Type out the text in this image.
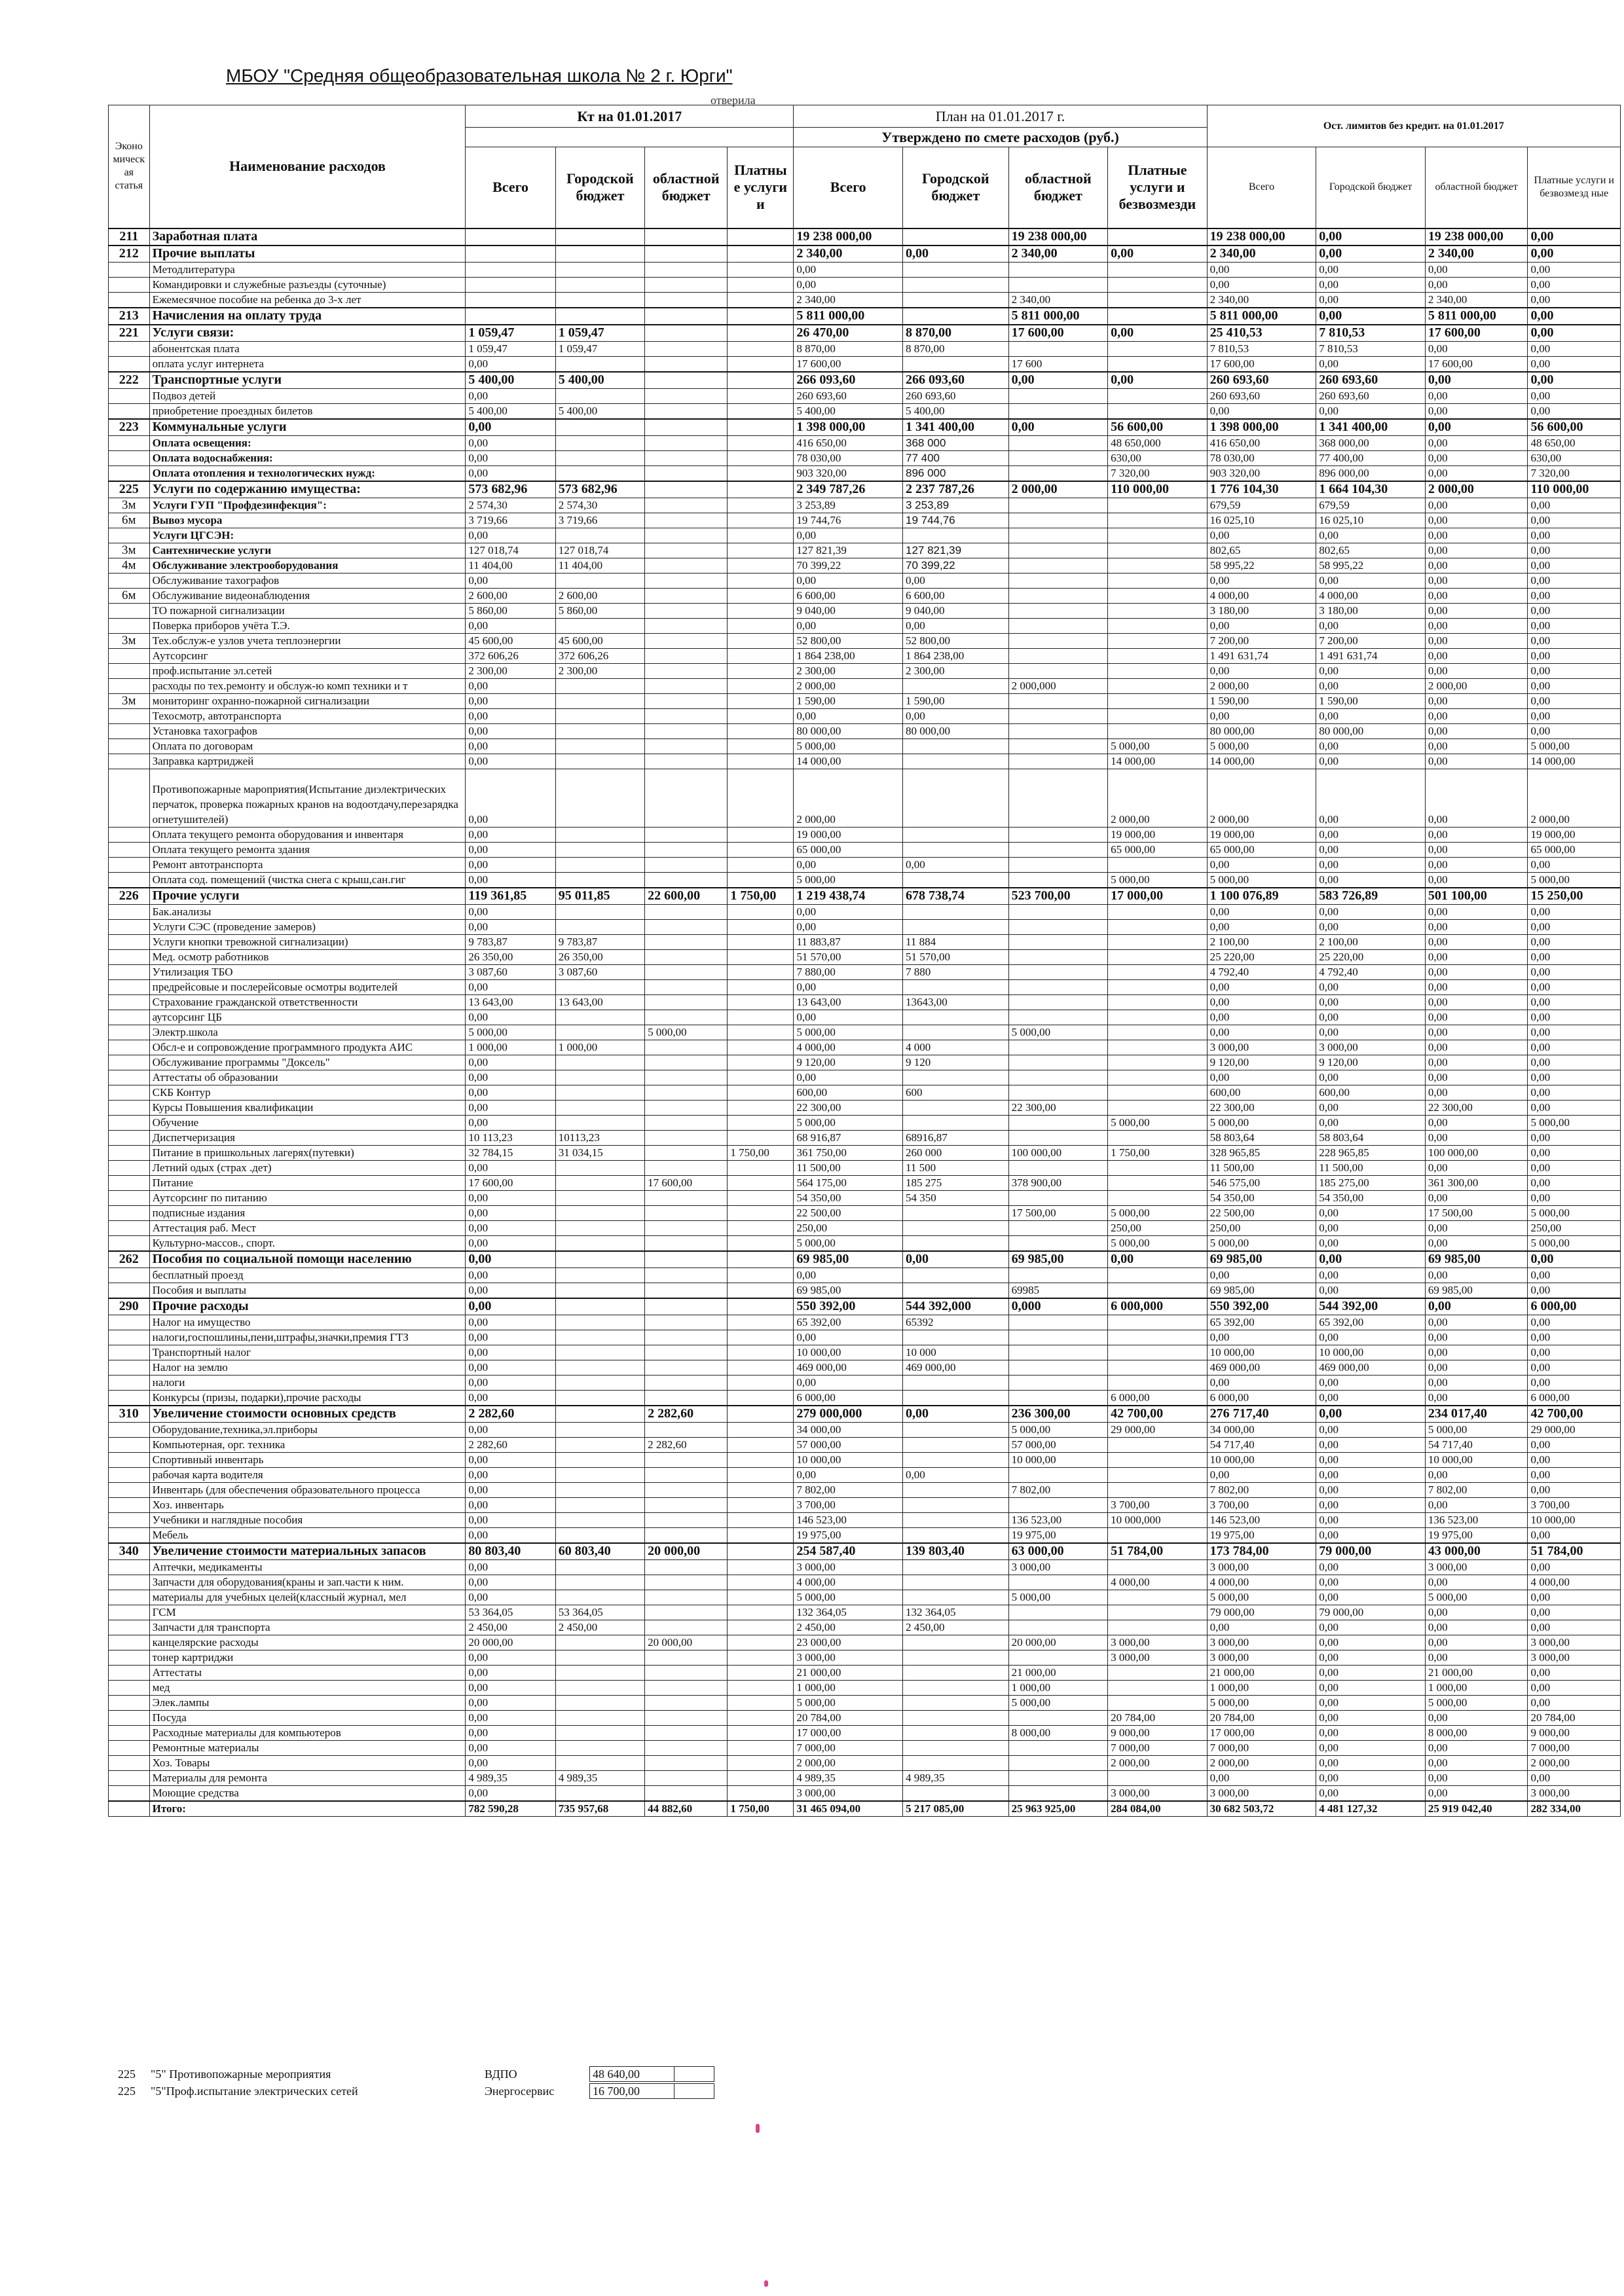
МБОУ "Средняя общеобразовательная школа № 2 г. Юрги"
отверила
Эконо мичеcк ая статья	Наименование расходов	Кт на 01.01.2017				План на 01.01.2017 г.				Ост. лимитов без кредит. на 01.01.2017			
						Утверждено по смете расходов (руб.)							
		Всего	Городской бюджет	областной бюджет	Платны е услуги и	Всего	Городской бюджет	областной бюджет	Платные услуги и безвозмезди	Всего	Городской бюджет	областной бюджет	Платные услуги и безвозмезд ные
211	Заработная плата					19 238 000,00		19 238 000,00		19 238 000,00	0,00	19 238 000,00	0,00
212	Прочие выплаты					2 340,00	0,00	2 340,00	0,00	2 340,00	0,00	2 340,00	0,00
	Методлитература					0,00				0,00	0,00	0,00	0,00
	Командировки и служебные разъезды (суточные)					0,00				0,00	0,00	0,00	0,00
	Ежемесячное пособие на ребенка до 3-х лет					2 340,00		2 340,00		2 340,00	0,00	2 340,00	0,00
213	Начисления на оплату труда					5 811 000,00		5 811 000,00		5 811 000,00	0,00	5 811 000,00	0,00
221	Услуги связи:	1 059,47	1 059,47			26 470,00	8 870,00	17 600,00	0,00	25 410,53	7 810,53	17 600,00	0,00
	абонентская плата	1 059,47	1 059,47			8 870,00	8 870,00			7 810,53	7 810,53	0,00	0,00
	оплата услуг интернета	0,00				17 600,00		17 600		17 600,00	0,00	17 600,00	0,00
222	Транспортные услуги	5 400,00	5 400,00			266 093,60	266 093,60	0,00	0,00	260 693,60	260 693,60	0,00	0,00
	Подвоз детей	0,00				260 693,60	260 693,60			260 693,60	260 693,60	0,00	0,00
	приобретение проездных билетов	5 400,00	5 400,00			5 400,00	5 400,00			0,00	0,00	0,00	0,00
223	Коммунальные услуги	0,00				1 398 000,00	1 341 400,00	0,00	56 600,00	1 398 000,00	1 341 400,00	0,00	56 600,00
	Оплата освещения:	0,00				416 650,00	368 000		48 650,000	416 650,00	368 000,00	0,00	48 650,00
	Оплата водоснабжения:	0,00				78 030,00	77 400		630,00	78 030,00	77 400,00	0,00	630,00
	Оплата отопления и технологических нужд:	0,00				903 320,00	896 000		7 320,00	903 320,00	896 000,00	0,00	7 320,00
225	Услуги по содержанию имущества:	573 682,96	573 682,96			2 349 787,26	2 237 787,26	2 000,00	110 000,00	1 776 104,30	1 664 104,30	2 000,00	110 000,00
3м	Услуги ГУП "Профдезинфекция":	2 574,30	2 574,30			3 253,89	3 253,89			679,59	679,59	0,00	0,00
6м	Вывоз мусора	3 719,66	3 719,66			19 744,76	19 744,76			16 025,10	16 025,10	0,00	0,00
	Услуги ЦГСЭН:	0,00				0,00				0,00	0,00	0,00	0,00
3м	Сантехнические услуги	127 018,74	127 018,74			127 821,39	127 821,39			802,65	802,65	0,00	0,00
4м	Обслуживание электрооборудования	11 404,00	11 404,00			70 399,22	70 399,22			58 995,22	58 995,22	0,00	0,00
	Обслуживание тахографов	0,00				0,00	0,00			0,00	0,00	0,00	0,00
6м	Обслуживание видеонаблюдения	2 600,00	2 600,00			6 600,00	6 600,00			4 000,00	4 000,00	0,00	0,00
	ТО пожарной сигнализации	5 860,00	5 860,00			9 040,00	9 040,00			3 180,00	3 180,00	0,00	0,00
	Поверка приборов учёта Т.Э.	0,00				0,00	0,00			0,00	0,00	0,00	0,00
3м	Тех.обслуж-е узлов учета теплоэнергии	45 600,00	45 600,00			52 800,00	52 800,00			7 200,00	7 200,00	0,00	0,00
	Аутсорсинг	372 606,26	372 606,26			1 864 238,00	1 864 238,00			1 491 631,74	1 491 631,74	0,00	0,00
	проф.испытание эл.сетей	2 300,00	2 300,00			2 300,00	2 300,00			0,00	0,00	0,00	0,00
	расходы по тех.ремонту и обслуж-ю комп техники и т	0,00				2 000,00		2 000,000		2 000,00	0,00	2 000,00	0,00
3м	мониторинг охранно-пожарной сигнализации	0,00				1 590,00	1 590,00			1 590,00	1 590,00	0,00	0,00
	Техосмотр, автотранспорта	0,00				0,00	0,00			0,00	0,00	0,00	0,00
	Установка тахографов	0,00				80 000,00	80 000,00			80 000,00	80 000,00	0,00	0,00
	Оплата по договорам	0,00				5 000,00			5 000,00	5 000,00	0,00	0,00	5 000,00
	Заправка картриджей	0,00				14 000,00			14 000,00	14 000,00	0,00	0,00	14 000,00
	Противопожарные мароприятия(Испытание диэлектрических перчаток, проверка пожарных кранов на водоотдачу,перезарядка огнетушителей)	0,00				2 000,00			2 000,00	2 000,00	0,00	0,00	2 000,00
	Оплата текущего ремонта оборудования и инвентаря	0,00				19 000,00			19 000,00	19 000,00	0,00	0,00	19 000,00
	Оплата текущего ремонта здания	0,00				65 000,00			65 000,00	65 000,00	0,00	0,00	65 000,00
	Ремонт автотранспорта	0,00				0,00	0,00			0,00	0,00	0,00	0,00
	Оплата сод. помещений (чистка снега с крыш,сан.гиг	0,00				5 000,00			5 000,00	5 000,00	0,00	0,00	5 000,00
226	Прочие услуги	119 361,85	95 011,85	22 600,00	1 750,00	1 219 438,74	678 738,74	523 700,00	17 000,00	1 100 076,89	583 726,89	501 100,00	15 250,00
	Бак.анализы	0,00				0,00				0,00	0,00	0,00	0,00
	Услуги СЭС (проведение замеров)	0,00				0,00				0,00	0,00	0,00	0,00
	Услуги кнопки тревожной сигнализации)	9 783,87	9 783,87			11 883,87	11 884			2 100,00	2 100,00	0,00	0,00
	Мед. осмотр работников	26 350,00	26 350,00			51 570,00	51 570,00			25 220,00	25 220,00	0,00	0,00
	Утилизация ТБО	3 087,60	3 087,60			7 880,00	7 880			4 792,40	4 792,40	0,00	0,00
	предрейсовые и послерейсовые осмотры водителей	0,00				0,00				0,00	0,00	0,00	0,00
	Страхование гражданской ответственности	13 643,00	13 643,00			13 643,00	13643,00			0,00	0,00	0,00	0,00
	аутсорсинг ЦБ	0,00				0,00				0,00	0,00	0,00	0,00
	Электр.школа	5 000,00		5 000,00		5 000,00		5 000,00		0,00	0,00	0,00	0,00
	Обсл-е и сопровождение программного продукта АИС	1 000,00	1 000,00			4 000,00	4 000			3 000,00	3 000,00	0,00	0,00
	Обслуживание программы "Доксель"	0,00				9 120,00	9 120			9 120,00	9 120,00	0,00	0,00
	Аттестаты об образовании	0,00				0,00				0,00	0,00	0,00	0,00
	СКБ Контур	0,00				600,00	600			600,00	600,00	0,00	0,00
	Курсы Повышения квалификации	0,00				22 300,00		22 300,00		22 300,00	0,00	22 300,00	0,00
	Обучение	0,00				5 000,00			5 000,00	5 000,00	0,00	0,00	5 000,00
	Диспетчеризация	10 113,23	10113,23			68 916,87	68916,87			58 803,64	58 803,64	0,00	0,00
	Питание в пришкольных лагерях(путевки)	32 784,15	31 034,15		1 750,00	361 750,00	260 000	100 000,00	1 750,00	328 965,85	228 965,85	100 000,00	0,00
	Летний одых (страх .дет)	0,00				11 500,00	11 500			11 500,00	11 500,00	0,00	0,00
	Питание	17 600,00		17 600,00		564 175,00	185 275	378 900,00		546 575,00	185 275,00	361 300,00	0,00
	Аутсорсинг по питанию	0,00				54 350,00	54 350			54 350,00	54 350,00	0,00	0,00
	подписные издания	0,00				22 500,00		17 500,00	5 000,00	22 500,00	0,00	17 500,00	5 000,00
	Аттестация раб. Мест	0,00				250,00			250,00	250,00	0,00	0,00	250,00
	Культурно-массов., спорт.	0,00				5 000,00			5 000,00	5 000,00	0,00	0,00	5 000,00
262	Пособия по социальной помощи населению	0,00				69 985,00	0,00	69 985,00	0,00	69 985,00	0,00	69 985,00	0,00
	бесплатный проезд	0,00				0,00				0,00	0,00	0,00	0,00
	Пособия и выплаты	0,00				69 985,00		69985		69 985,00	0,00	69 985,00	0,00
290	Прочие расходы	0,00				550 392,00	544 392,000	0,000	6 000,000	550 392,00	544 392,00	0,00	6 000,00
	Налог на имущество	0,00				65 392,00	65392			65 392,00	65 392,00	0,00	0,00
	налоги,госпошлины,пени,штрафы,значки,премия ГТЗ	0,00				0,00				0,00	0,00	0,00	0,00
	Транспортный налог	0,00				10 000,00	10 000			10 000,00	10 000,00	0,00	0,00
	Налог на землю	0,00				469 000,00	469 000,00			469 000,00	469 000,00	0,00	0,00
	налоги	0,00				0,00				0,00	0,00	0,00	0,00
	Конкурсы (призы, подарки),прочие расходы	0,00				6 000,00			6 000,00	6 000,00	0,00	0,00	6 000,00
310	Увеличение стоимости основных средств	2 282,60		2 282,60		279 000,000	0,00	236 300,00	42 700,00	276 717,40	0,00	234 017,40	42 700,00
	Оборудование,техника,эл.приборы	0,00				34 000,00		5 000,00	29 000,00	34 000,00	0,00	5 000,00	29 000,00
	Компьютерная, орг. техника	2 282,60		2 282,60		57 000,00		57 000,00		54 717,40	0,00	54 717,40	0,00
	Спортивный инвентарь	0,00				10 000,00		10 000,00		10 000,00	0,00	10 000,00	0,00
	рабочая карта водителя	0,00				0,00	0,00			0,00	0,00	0,00	0,00
	Инвентарь (для обеспечения образовательного процесса	0,00				7 802,00		7 802,00		7 802,00	0,00	7 802,00	0,00
	Хоз. инвентарь	0,00				3 700,00			3 700,00	3 700,00	0,00	0,00	3 700,00
	Учебники и наглядные пособия	0,00				146 523,00		136 523,00	10 000,000	146 523,00	0,00	136 523,00	10 000,00
	Мебель	0,00				19 975,00		19 975,00		19 975,00	0,00	19 975,00	0,00
340	Увеличение стоимости материальных запасов	80 803,40	60 803,40	20 000,00		254 587,40	139 803,40	63 000,00	51 784,00	173 784,00	79 000,00	43 000,00	51 784,00
	Аптечки, медикаменты	0,00				3 000,00		3 000,00		3 000,00	0,00	3 000,00	0,00
	Запчасти для оборудования(краны и зап.части к ним.	0,00				4 000,00			4 000,00	4 000,00	0,00	0,00	4 000,00
	материалы для учебных целей(классный журнал, мел	0,00				5 000,00		5 000,00		5 000,00	0,00	5 000,00	0,00
	ГСМ	53 364,05	53 364,05			132 364,05	132 364,05			79 000,00	79 000,00	0,00	0,00
	Запчасти для транспорта	2 450,00	2 450,00			2 450,00	2 450,00			0,00	0,00	0,00	0,00
	канцелярские расходы	20 000,00		20 000,00		23 000,00		20 000,00	3 000,00	3 000,00	0,00	0,00	3 000,00
	тонер картриджи	0,00				3 000,00			3 000,00	3 000,00	0,00	0,00	3 000,00
	Аттестаты	0,00				21 000,00		21 000,00		21 000,00	0,00	21 000,00	0,00
	мед	0,00				1 000,00		1 000,00		1 000,00	0,00	1 000,00	0,00
	Элек.лампы	0,00				5 000,00		5 000,00		5 000,00	0,00	5 000,00	0,00
	Посуда	0,00				20 784,00			20 784,00	20 784,00	0,00	0,00	20 784,00
	Расходные материалы для компьютеров	0,00				17 000,00		8 000,00	9 000,00	17 000,00	0,00	8 000,00	9 000,00
	Ремонтные материалы	0,00				7 000,00			7 000,00	7 000,00	0,00	0,00	7 000,00
	Хоз. Товары	0,00				2 000,00			2 000,00	2 000,00	0,00	0,00	2 000,00
	Материалы для ремонта	4 989,35	4 989,35			4 989,35	4 989,35			0,00	0,00	0,00	0,00
	Моющие средства	0,00				3 000,00			3 000,00	3 000,00	0,00	0,00	3 000,00
	Итого:	782 590,28	735 957,68	44 882,60	1 750,00	31 465 094,00	5 217 085,00	25 963 925,00	284 084,00	30 682 503,72	4 481 127,32	25 919 042,40	282 334,00
225	"5" Противопожарные мероприятия	ВДПО	48 640,00
225	"5"Проф.испытание электрических сетей	Энергосервис	16 700,00
